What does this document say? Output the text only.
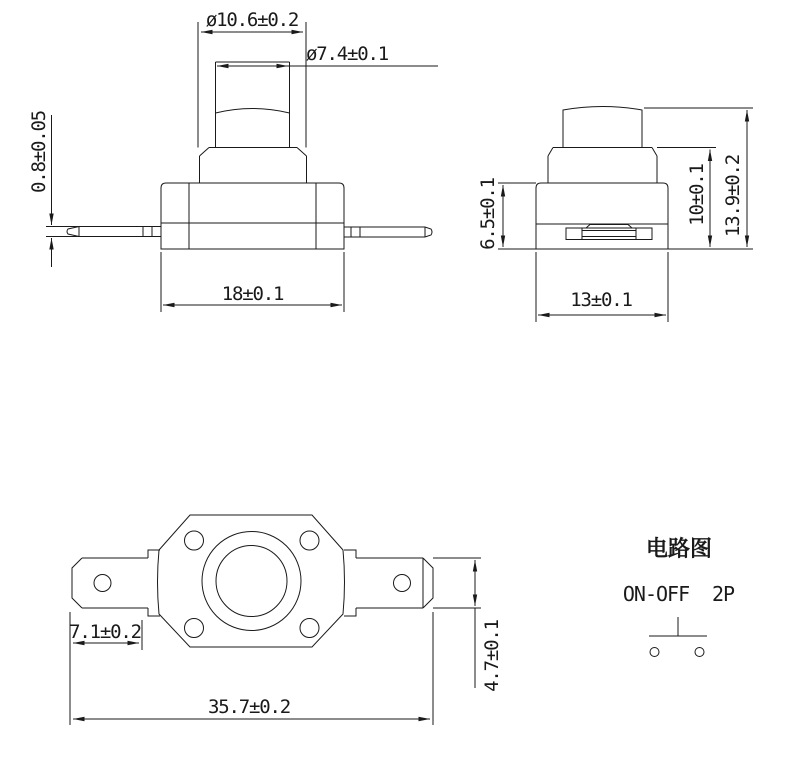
ø10.6±0.2
ø7.4±0.1
0.8±0.05
18±0.1
6.5±0.1	10±0.1 13.9±0.2
13±0.1
7.1±0.2	4.7±0.1
35.7±0.2
电路图
ON-OFF 2P
